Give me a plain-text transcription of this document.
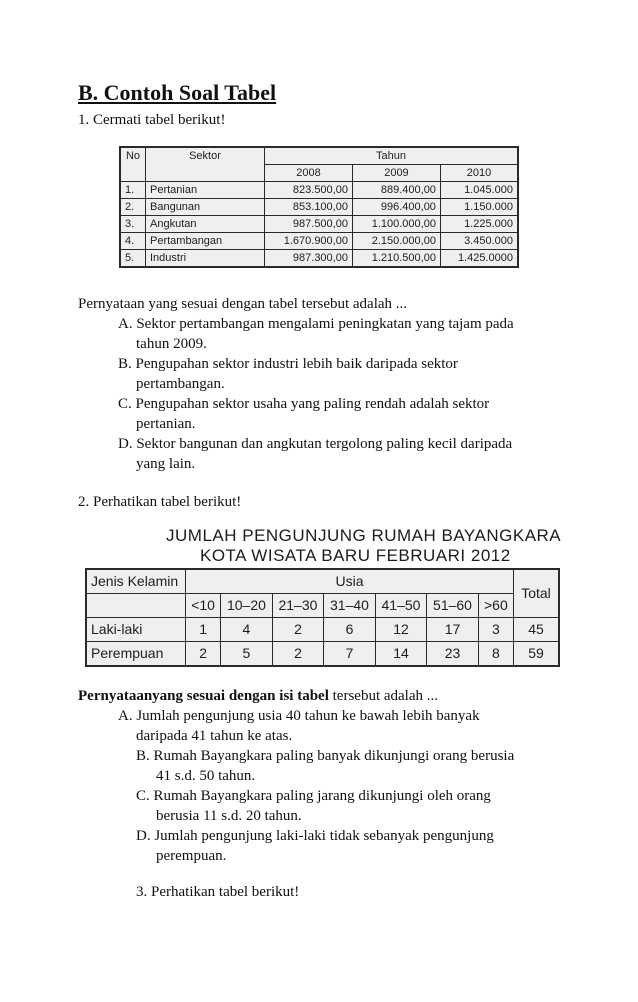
B. Contoh Soal Tabel
1. Cermati tabel berikut!
No	Sektor	Tahun		
		2008	2009	2010
1.	Pertanian	823.500,00	889.400,00	1.045.000
2.	Bangunan	853.100,00	996.400,00	1.150.000
3.	Angkutan	987.500,00	1.100.000,00	1.225.000
4.	Pertambangan	1.670.900,00	2.150.000,00	3.450.000
5.	Industri	987.300,00	1.210.500,00	1.425.0000
Pernyataan yang sesuai dengan tabel tersebut adalah ...
A. Sektor pertambangan mengalami peningkatan yang tajam pada
tahun 2009.
B. Pengupahan sektor industri lebih baik daripada sektor
pertambangan.
C. Pengupahan sektor usaha yang paling rendah adalah sektor
pertanian.
D. Sektor bangunan dan angkutan tergolong paling kecil daripada
yang lain.
2. Perhatikan tabel berikut!
JUMLAH PENGUNJUNG RUMAH BAYANGKARA
KOTA WISATA BARU FEBRUARI 2012
Jenis Kelamin	Usia							Total
	<10	10–20	21–30	31–40	41–50	51–60	>60	
Laki-laki	1	4	2	6	12	17	3	45
Perempuan	2	5	2	7	14	23	8	59
Pernyataanyang sesuai dengan isi tabel tersebut adalah ...
A. Jumlah pengunjung usia 40 tahun ke bawah lebih banyak
daripada 41 tahun ke atas.
B. Rumah Bayangkara paling banyak dikunjungi orang berusia
41 s.d. 50 tahun.
C. Rumah Bayangkara paling jarang dikunjungi oleh orang
berusia 11 s.d. 20 tahun.
D. Jumlah pengunjung laki-laki tidak sebanyak pengunjung
perempuan.
3. Perhatikan tabel berikut!
